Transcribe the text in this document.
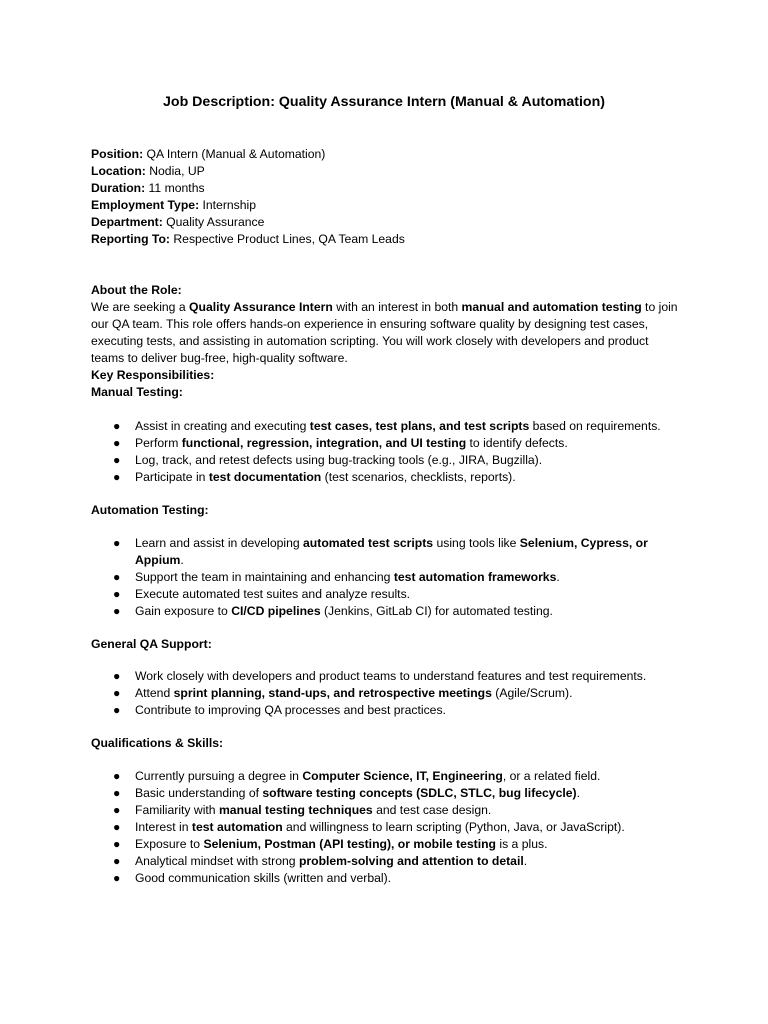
Job Description: Quality Assurance Intern (Manual & Automation)
Position: QA Intern (Manual & Automation)
Location: Nodia, UP
Duration: 11 months
Employment Type: Internship
Department: Quality Assurance
Reporting To: Respective Product Lines, QA Team Leads
About the Role:

We are seeking a Quality Assurance Intern with an interest in both manual and automation testing to join our QA team. This role offers hands-on experience in ensuring software quality by designing test cases, executing tests, and assisting in automation scripting. You will work closely with developers and product teams to deliver bug-free, high-quality software.

Key Responsibilities:
Manual Testing:
● Assist in creating and executing test cases, test plans, and test scripts based on requirements.
● Perform functional, regression, integration, and UI testing to identify defects.
● Log, track, and retest defects using bug-tracking tools (e.g., JIRA, Bugzilla).
● Participate in test documentation (test scenarios, checklists, reports).
Automation Testing:
● Learn and assist in developing automated test scripts using tools like Selenium, Cypress, or Appium.
● Support the team in maintaining and enhancing test automation frameworks.
● Execute automated test suites and analyze results.
● Gain exposure to CI/CD pipelines (Jenkins, GitLab CI) for automated testing.
General QA Support:
● Work closely with developers and product teams to understand features and test requirements.
● Attend sprint planning, stand-ups, and retrospective meetings (Agile/Scrum).
● Contribute to improving QA processes and best practices.
Qualifications & Skills:
● Currently pursuing a degree in Computer Science, IT, Engineering, or a related field.
● Basic understanding of software testing concepts (SDLC, STLC, bug lifecycle).
● Familiarity with manual testing techniques and test case design.
● Interest in test automation and willingness to learn scripting (Python, Java, or JavaScript).
● Exposure to Selenium, Postman (API testing), or mobile testing is a plus.
● Analytical mindset with strong problem-solving and attention to detail.
● Good communication skills (written and verbal).
